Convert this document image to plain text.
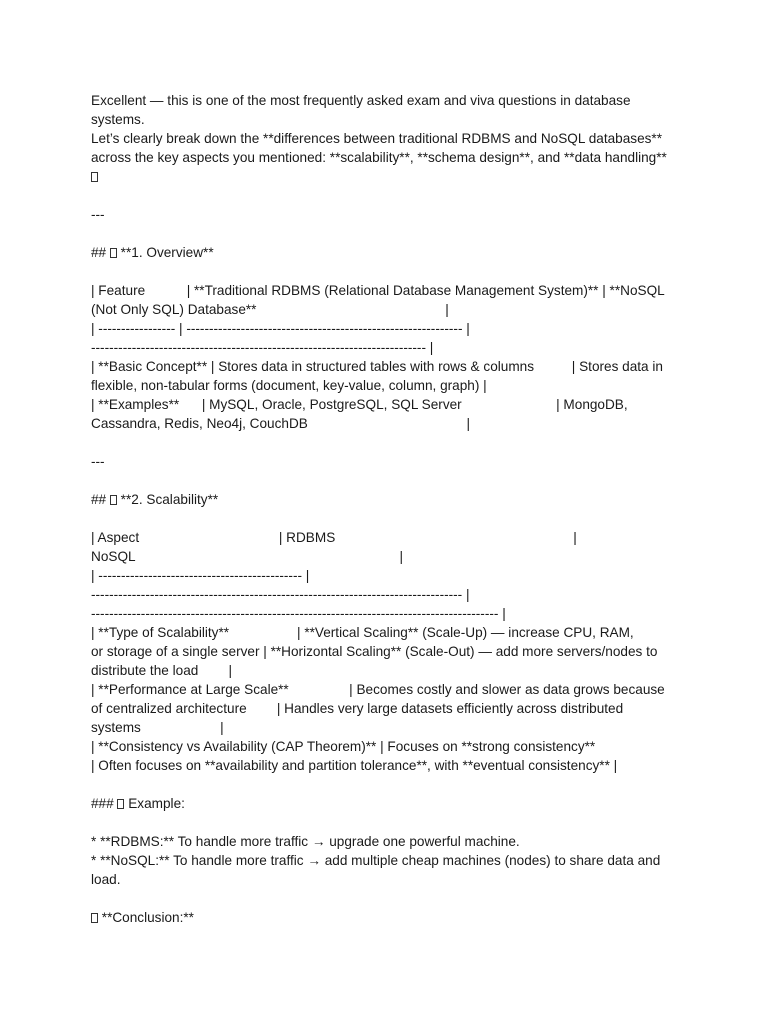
Excellent — this is one of the most frequently asked exam and viva questions in database
systems.
Let’s clearly break down the **differences between traditional RDBMS and NoSQL databases**
across the key aspects you mentioned: **scalability**, **schema design**, and **data handling**
---
##  **1. Overview**
| Feature           | **Traditional RDBMS (Relational Database Management System)** | **NoSQL
(Not Only SQL) Database**                                                  |
| ----------------- | ------------------------------------------------------------- |
-------------------------------------------------------------------------- |
| **Basic Concept** | Stores data in structured tables with rows & columns          | Stores data in
flexible, non-tabular forms (document, key-value, column, graph) |
| **Examples**      | MySQL, Oracle, PostgreSQL, SQL Server                         | MongoDB,
Cassandra, Redis, Neo4j, CouchDB                                          |
---
##  **2. Scalability**
| Aspect                                     | RDBMS                                                               |
NoSQL                                                                      |
| --------------------------------------------- |
---------------------------------------------------------------------------------- |
------------------------------------------------------------------------------------------ |
| **Type of Scalability**                  | **Vertical Scaling** (Scale-Up) — increase CPU, RAM,
or storage of a single server | **Horizontal Scaling** (Scale-Out) — add more servers/nodes to
distribute the load        |
| **Performance at Large Scale**                | Becomes costly and slower as data grows because
of centralized architecture        | Handles very large datasets efficiently across distributed
systems                     |
| **Consistency vs Availability (CAP Theorem)** | Focuses on **strong consistency**
| Often focuses on **availability and partition tolerance**, with **eventual consistency** |
###  Example:
* **RDBMS:** To handle more traffic → upgrade one powerful machine.
* **NoSQL:** To handle more traffic → add multiple cheap machines (nodes) to share data and
load.
**Conclusion:**
